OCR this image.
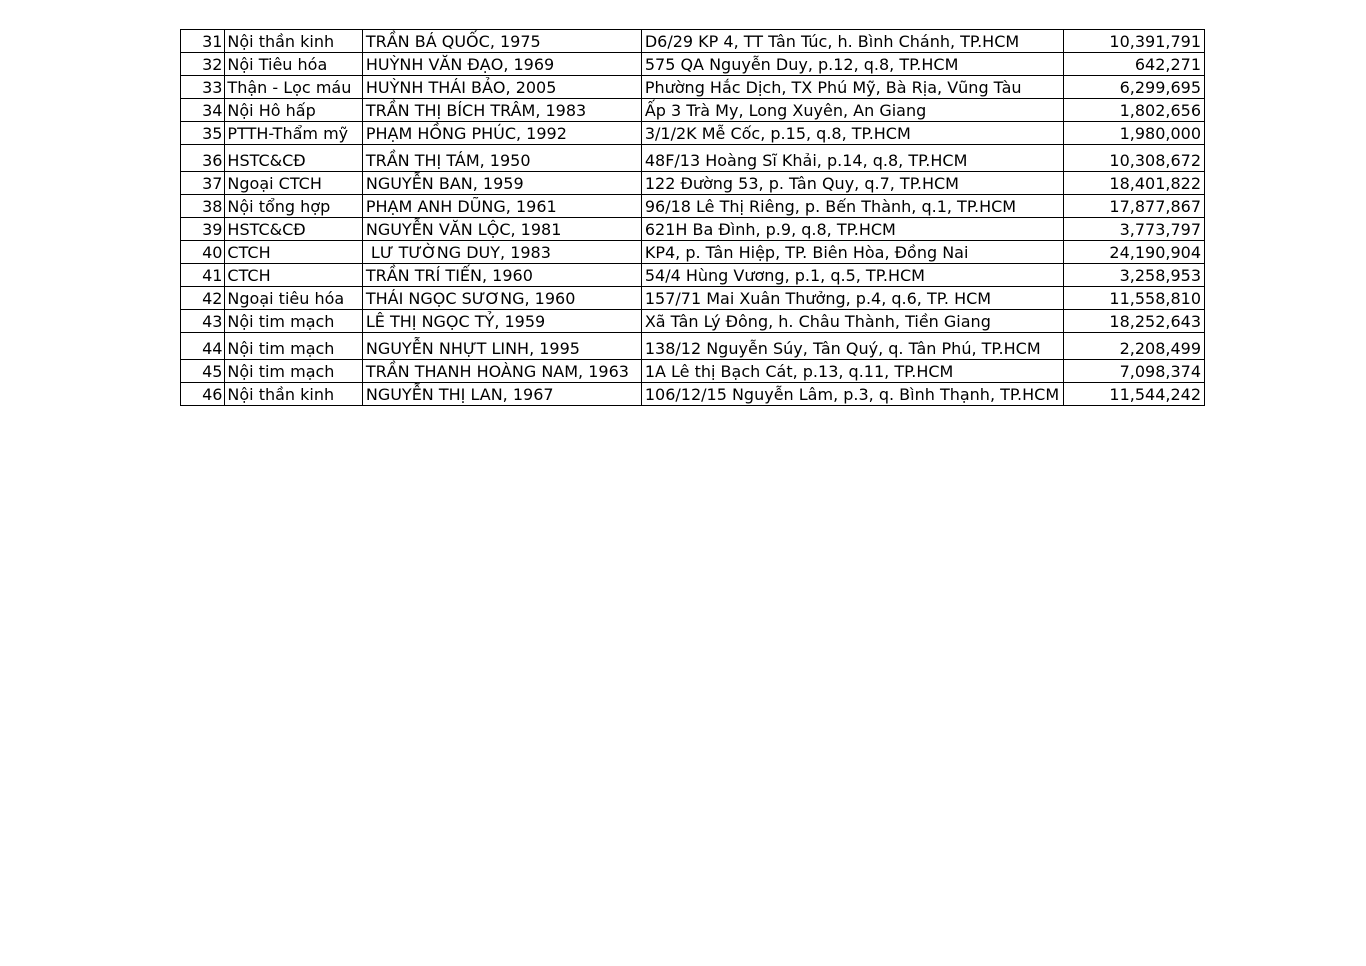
31	Nội thần kinh	TRẦN BÁ QUỐC, 1975	D6/29 KP 4, TT Tân Túc, h. Bình Chánh, TP.HCM	10,391,791
32	Nội Tiêu hóa	HUỲNH VĂN ĐẠO, 1969	575 QA Nguyễn Duy, p.12, q.8, TP.HCM	642,271
33	Thận - Lọc máu	HUỲNH THÁI BẢO, 2005	Phường Hắc Dịch, TX Phú Mỹ, Bà Rịa, Vũng Tàu	6,299,695
34	Nội Hô hấp	TRẦN THỊ BÍCH TRÂM, 1983	Ấp 3 Trà My, Long Xuyên, An Giang	1,802,656
35	PTTH-Thẩm mỹ	PHẠM HỒNG PHÚC, 1992	3/1/2K Mễ Cốc, p.15, q.8, TP.HCM	1,980,000
36	HSTC&CĐ	TRẦN THỊ TÁM, 1950	48F/13 Hoàng Sĩ Khải, p.14, q.8, TP.HCM	10,308,672
37	Ngoại CTCH	NGUYỄN BAN, 1959	122 Đường 53, p. Tân Quy, q.7, TP.HCM	18,401,822
38	Nội tổng hợp	PHẠM ANH DŨNG, 1961	96/18 Lê Thị Riêng, p. Bến Thành, q.1, TP.HCM	17,877,867
39	HSTC&CĐ	NGUYỄN VĂN LỘC, 1981	621H Ba Đình, p.9, q.8, TP.HCM	3,773,797
40	CTCH	LƯ TƯỜNG DUY, 1983	KP4, p. Tân Hiệp, TP. Biên Hòa, Đồng Nai	24,190,904
41	CTCH	TRẦN TRÍ TIẾN, 1960	54/4 Hùng Vương, p.1, q.5, TP.HCM	3,258,953
42	Ngoại tiêu hóa	THÁI NGỌC SƯƠNG, 1960	157/71 Mai Xuân Thưởng, p.4, q.6, TP. HCM	11,558,810
43	Nội tim mạch	LÊ THỊ NGỌC TỶ, 1959	Xã Tân Lý Đông, h. Châu Thành, Tiền Giang	18,252,643
44	Nội tim mạch	NGUYỄN NHỰT LINH, 1995	138/12 Nguyễn Súy, Tân Quý, q. Tân Phú, TP.HCM	2,208,499
45	Nội tim mạch	TRẦN THANH HOÀNG NAM, 1963	1A Lê thị Bạch Cát, p.13, q.11, TP.HCM	7,098,374
46	Nội thần kinh	NGUYỄN THỊ LAN, 1967	106/12/15 Nguyễn Lâm, p.3, q. Bình Thạnh, TP.HCM	11,544,242
